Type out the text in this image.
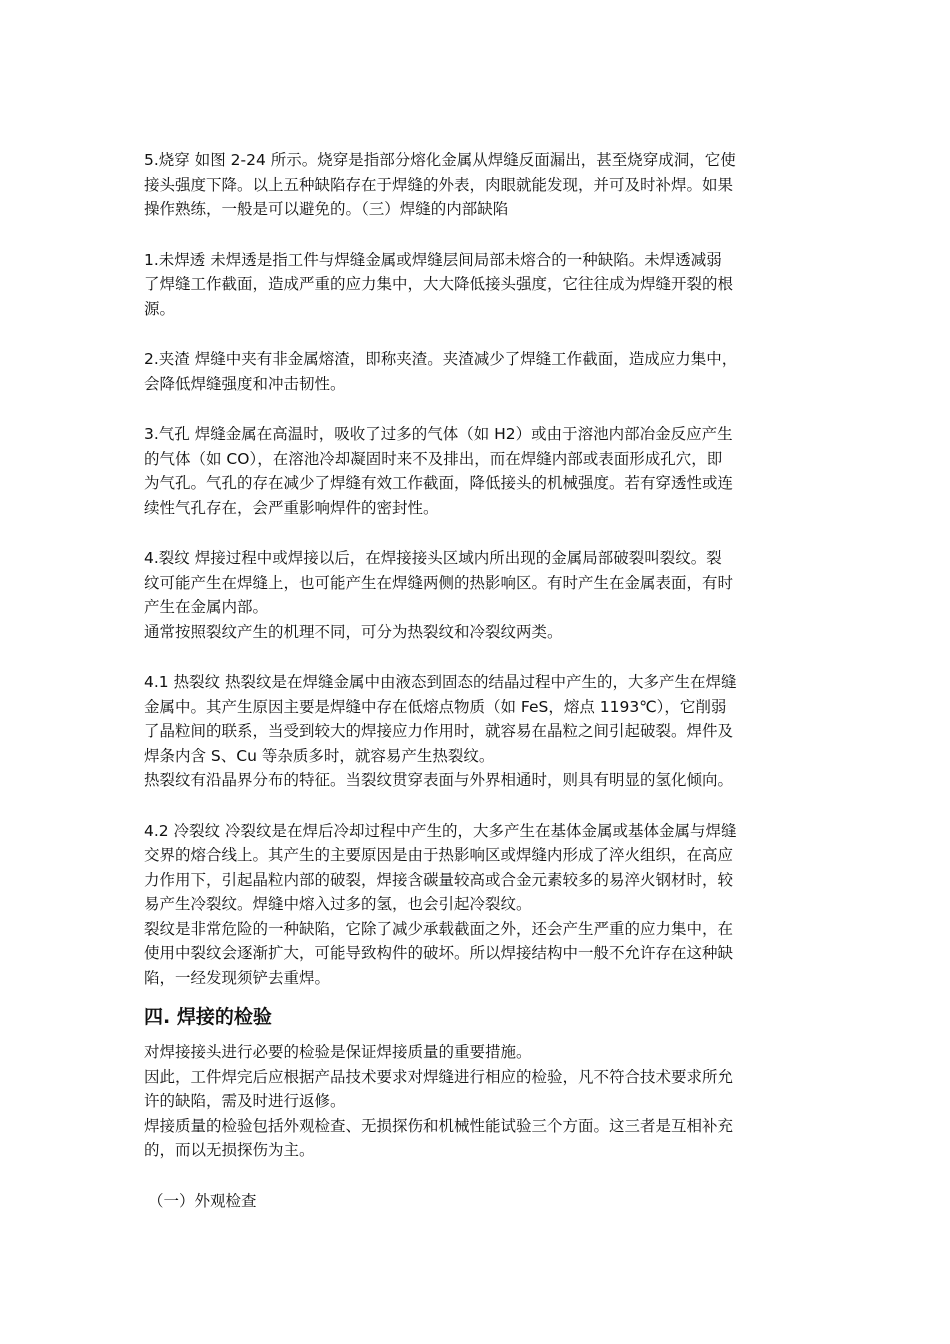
5.烧穿 如图 2-24 所示。烧穿是指部分熔化金属从焊缝反面漏出，甚至烧穿成洞，它使
接头强度下降。以上五种缺陷存在于焊缝的外表，肉眼就能发现，并可及时补焊。如果
操作熟练，一般是可以避免的。（三）焊缝的内部缺陷

1.未焊透 未焊透是指工件与焊缝金属或焊缝层间局部未熔合的一种缺陷。未焊透减弱
了焊缝工作截面，造成严重的应力集中，大大降低接头强度，它往往成为焊缝开裂的根
源。

2.夹渣 焊缝中夹有非金属熔渣，即称夹渣。夹渣减少了焊缝工作截面，造成应力集中，
会降低焊缝强度和冲击韧性。

3.气孔 焊缝金属在高温时，吸收了过多的气体（如 H2）或由于溶池内部冶金反应产生
的气体（如 CO），在溶池冷却凝固时来不及排出，而在焊缝内部或表面形成孔穴，即
为气孔。气孔的存在减少了焊缝有效工作截面，降低接头的机械强度。若有穿透性或连
续性气孔存在，会严重影响焊件的密封性。

4.裂纹 焊接过程中或焊接以后，在焊接接头区域内所出现的金属局部破裂叫裂纹。裂
纹可能产生在焊缝上，也可能产生在焊缝两侧的热影响区。有时产生在金属表面，有时
产生在金属内部。
通常按照裂纹产生的机理不同，可分为热裂纹和冷裂纹两类。

4.1 热裂纹 热裂纹是在焊缝金属中由液态到固态的结晶过程中产生的，大多产生在焊缝
金属中。其产生原因主要是焊缝中存在低熔点物质（如 FeS，熔点 1193℃），它削弱
了晶粒间的联系，当受到较大的焊接应力作用时，就容易在晶粒之间引起破裂。焊件及
焊条内含 S、Cu 等杂质多时，就容易产生热裂纹。
热裂纹有沿晶界分布的特征。当裂纹贯穿表面与外界相通时，则具有明显的氢化倾向。

4.2 冷裂纹 冷裂纹是在焊后冷却过程中产生的，大多产生在基体金属或基体金属与焊缝
交界的熔合线上。其产生的主要原因是由于热影响区或焊缝内形成了淬火组织，在高应
力作用下，引起晶粒内部的破裂，焊接含碳量较高或合金元素较多的易淬火钢材时，较
易产生冷裂纹。焊缝中熔入过多的氢，也会引起冷裂纹。
裂纹是非常危险的一种缺陷，它除了减少承载截面之外，还会产生严重的应力集中，在
使用中裂纹会逐渐扩大，可能导致构件的破坏。所以焊接结构中一般不允许存在这种缺
陷，一经发现须铲去重焊。

四. 焊接的检验

对焊接接头进行必要的检验是保证焊接质量的重要措施。
因此，工件焊完后应根据产品技术要求对焊缝进行相应的检验，凡不符合技术要求所允
许的缺陷，需及时进行返修。
焊接质量的检验包括外观检查、无损探伤和机械性能试验三个方面。这三者是互相补充
的，而以无损探伤为主。

（一）外观检查
